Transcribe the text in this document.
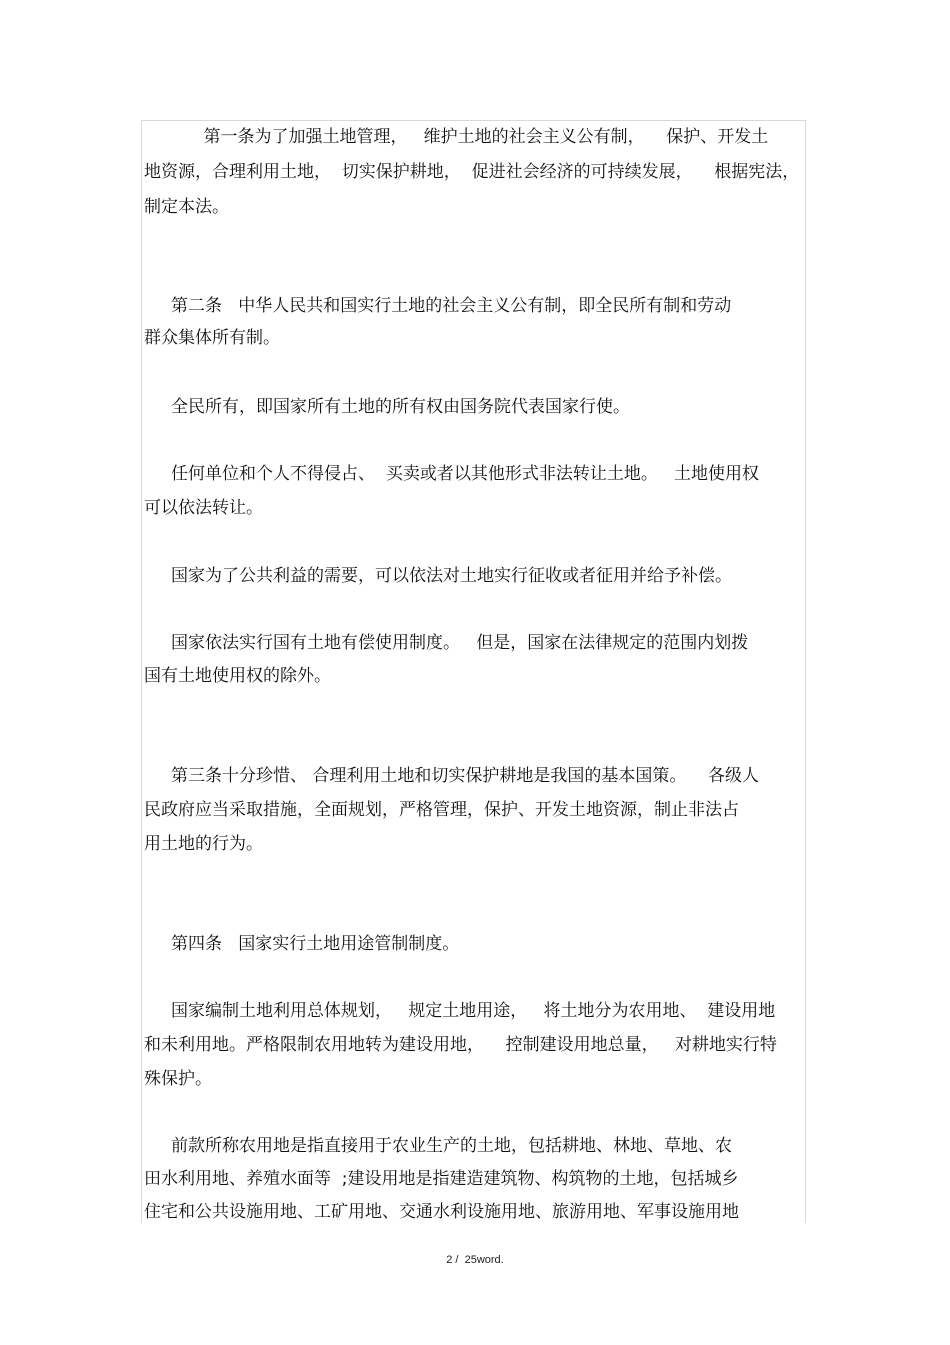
第一条为了加强土地管理，   维护土地的社会主义公有制，    保护、开发土
地资源，合理利用土地，  切实保护耕地，  促进社会经济的可持续发展，    根据宪法，
制定本法。
第二条   中华人民共和国实行土地的社会主义公有制，即全民所有制和劳动
群众集体所有制。
全民所有，即国家所有土地的所有权由国务院代表国家行使。
任何单位和个人不得侵占、  买卖或者以其他形式非法转让土地。   土地使用权
可以依法转让。
国家为了公共利益的需要，可以依法对土地实行征收或者征用并给予补偿。
国家依法实行国有土地有偿使用制度。   但是，国家在法律规定的范围内划拨
国有土地使用权的除外。
第三条十分珍惜、 合理利用土地和切实保护耕地是我国的基本国策。    各级人
民政府应当采取措施，全面规划，严格管理，保护、开发土地资源，制止非法占
用土地的行为。
第四条   国家实行土地用途管制制度。
国家编制土地利用总体规划，   规定土地用途，   将土地分为农用地、  建设用地
和未利用地。严格限制农用地转为建设用地，    控制建设用地总量，   对耕地实行特
殊保护。
前款所称农用地是指直接用于农业生产的土地，包括耕地、林地、草地、农
田水利用地、养殖水面等  ;建设用地是指建造建筑物、构筑物的土地，包括城乡
住宅和公共设施用地、工矿用地、交通水利设施用地、旅游用地、军事设施用地
2 /  25word.
